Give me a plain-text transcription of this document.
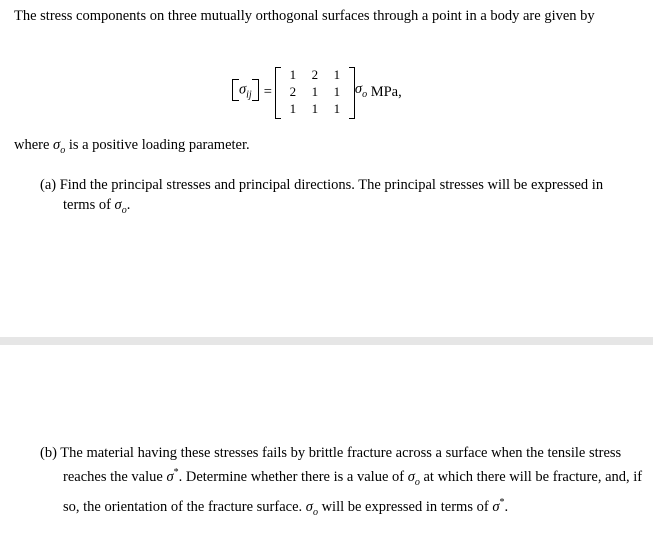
The stress components on three mutually orthogonal surfaces through a point in a body are given by
$\sigma_{ij}$ =
1	2	1
2	1	1
1	1	1
$\sigma_o$
MPa,
where $\sigma_o$ is a positive loading parameter.
(a) Find the principal stresses and principal directions. The principal stresses will be expressed in terms of $\sigma_o$.
(b) The material having these stresses fails by brittle fracture across a surface when the tensile stress reaches the value σ*. Determine whether there is a value of $\sigma_o$ at which there will be fracture, and, if so, the orientation of the fracture surface. $\sigma_o$ will be expressed in terms of σ*.
